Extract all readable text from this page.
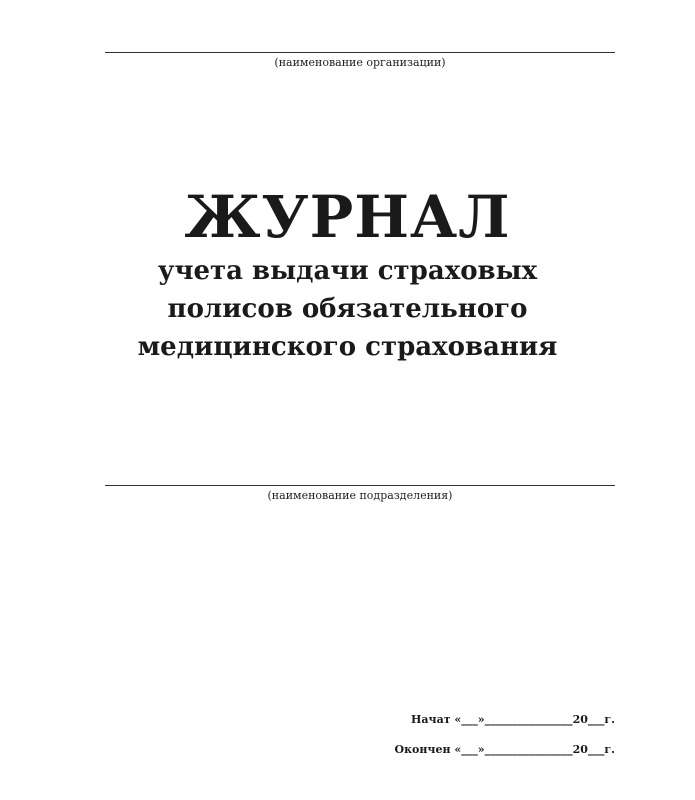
(наименование организации)
ЖУРНАЛ
учета выдачи страховых
полисов обязательного
медицинского страхования
(наименование подразделения)
Начат «___»________________20___г.
Окончен «___»________________20___г.
